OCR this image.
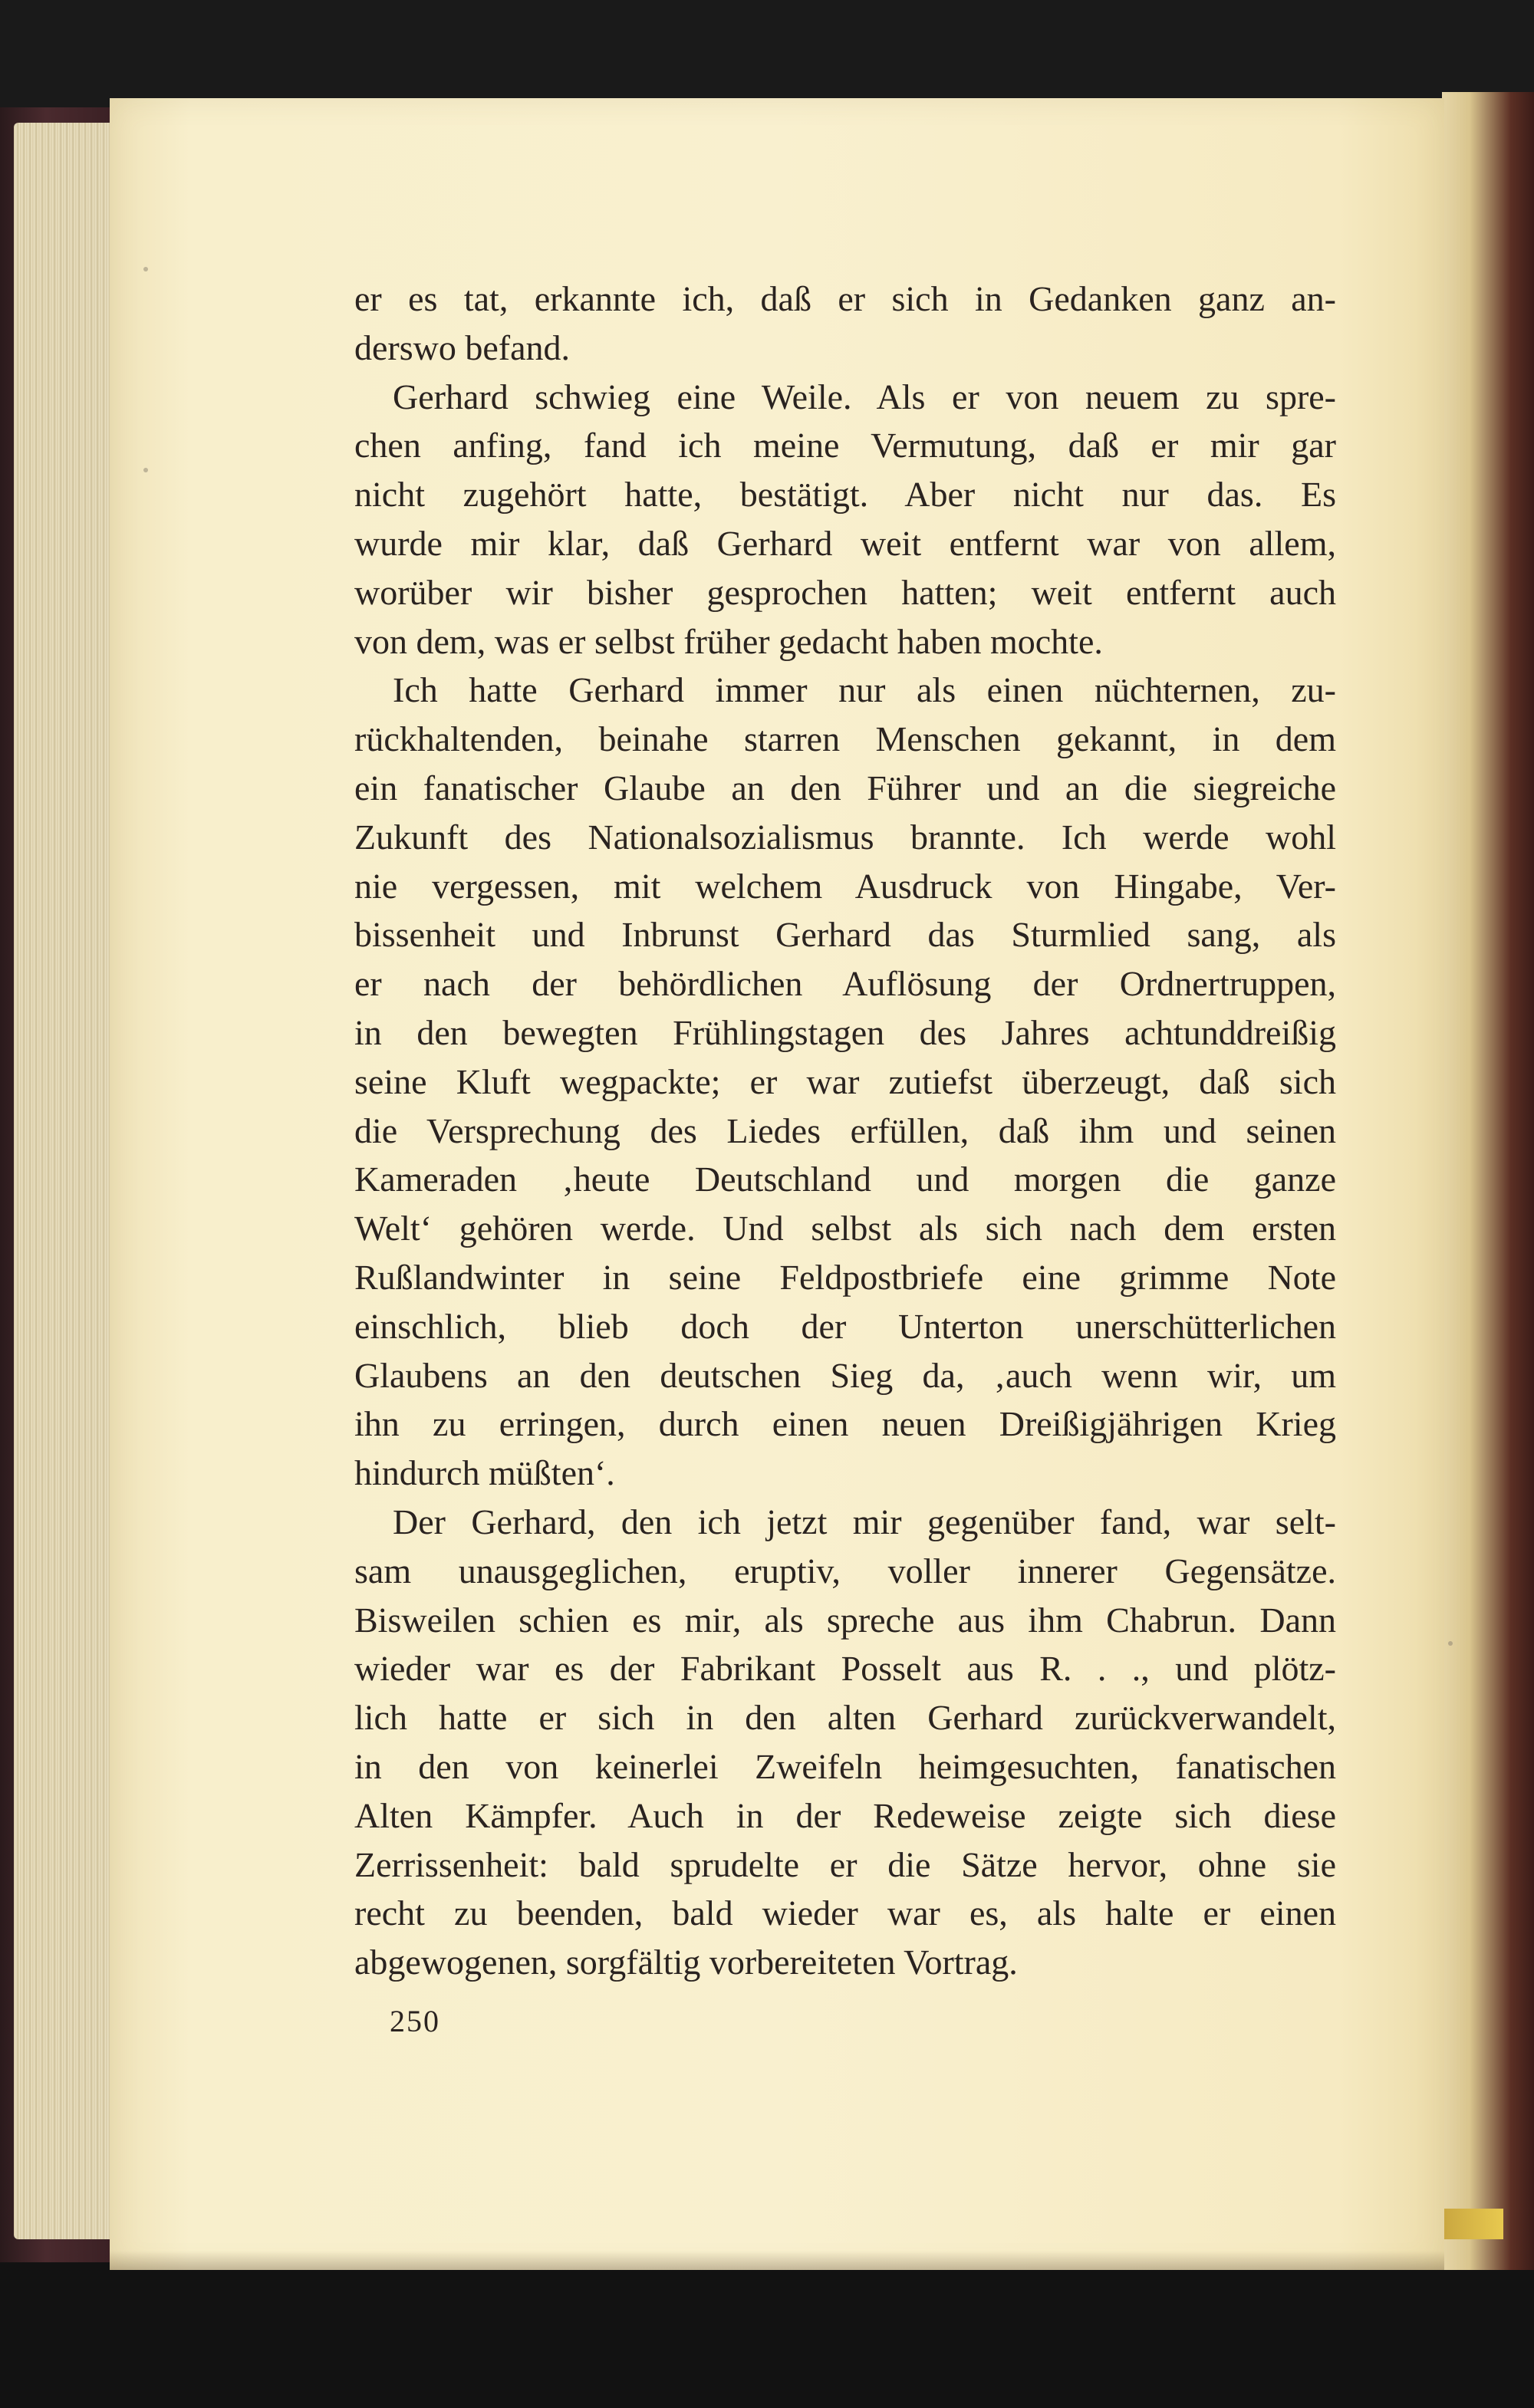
er es tat, erkannte ich, daß er sich in Gedanken ganz an-
derswo befand.
Gerhard schwieg eine Weile. Als er von neuem zu spre-
chen anfing, fand ich meine Vermutung, daß er mir gar
nicht zugehört hatte, bestätigt. Aber nicht nur das. Es
wurde mir klar, daß Gerhard weit entfernt war von allem,
worüber wir bisher gesprochen hatten; weit entfernt auch
von dem, was er selbst früher gedacht haben mochte.
Ich hatte Gerhard immer nur als einen nüchternen, zu-
rückhaltenden, beinahe starren Menschen gekannt, in dem
ein fanatischer Glaube an den Führer und an die siegreiche
Zukunft des Nationalsozialismus brannte. Ich werde wohl
nie vergessen, mit welchem Ausdruck von Hingabe, Ver-
bissenheit und Inbrunst Gerhard das Sturmlied sang, als
er nach der behördlichen Auflösung der Ordnertruppen,
in den bewegten Frühlingstagen des Jahres achtunddreißig
seine Kluft wegpackte; er war zutiefst überzeugt, daß sich
die Versprechung des Liedes erfüllen, daß ihm und seinen
Kameraden ‚heute Deutschland und morgen die ganze
Welt‘ gehören werde. Und selbst als sich nach dem ersten
Rußlandwinter in seine Feldpostbriefe eine grimme Note
einschlich, blieb doch der Unterton unerschütterlichen
Glaubens an den deutschen Sieg da, ‚auch wenn wir, um
ihn zu erringen, durch einen neuen Dreißigjährigen Krieg
hindurch müßten‘.
Der Gerhard, den ich jetzt mir gegenüber fand, war selt-
sam unausgeglichen, eruptiv, voller innerer Gegensätze.
Bisweilen schien es mir, als spreche aus ihm Chabrun. Dann
wieder war es der Fabrikant Posselt aus R. . ., und plötz-
lich hatte er sich in den alten Gerhard zurückverwandelt,
in den von keinerlei Zweifeln heimgesuchten, fanatischen
Alten Kämpfer. Auch in der Redeweise zeigte sich diese
Zerrissenheit: bald sprudelte er die Sätze hervor, ohne sie
recht zu beenden, bald wieder war es, als halte er einen
abgewogenen, sorgfältig vorbereiteten Vortrag.
250
